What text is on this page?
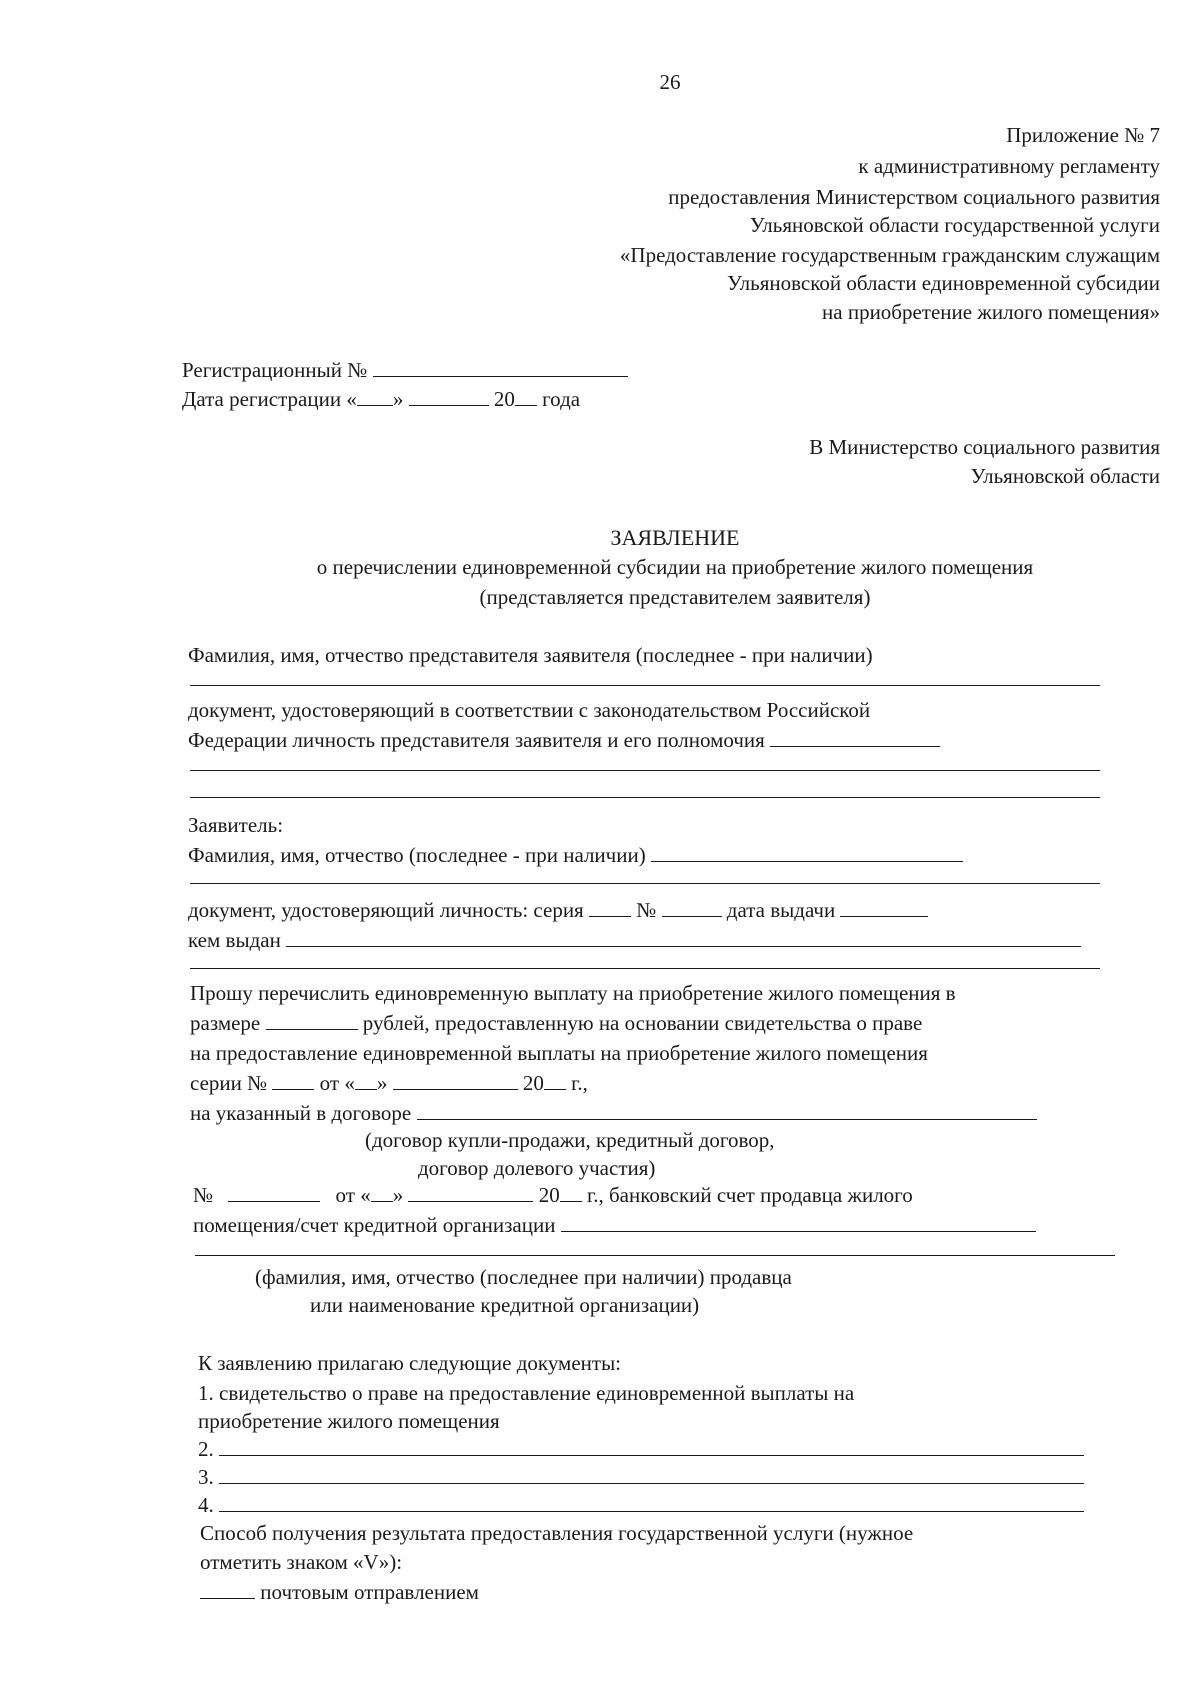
26
Приложение № 7
к административному регламенту
предоставления Министерством социального развития
Ульяновской области государственной услуги
«Предоставление государственным гражданским служащим
Ульяновской области единовременной субсидии
на приобретение жилого помещения»
Регистрационный №
Дата регистрации « »	20 года
В Министерство социального развития
Ульяновской области
ЗАЯВЛЕНИЕ
о перечислении единовременной субсидии на приобретение жилого помещения
(представляется представителем заявителя)
Фамилия, имя, отчество представителя заявителя (последнее - при наличии)
документ, удостоверяющий в соответствии с законодательством Российской
Федерации личность представителя заявителя и его полномочия
Заявитель:
Фамилия, имя, отчество (последнее - при наличии)
документ, удостоверяющий личность: серия	№	дата выдачи
кем выдан
Прошу перечислить единовременную выплату на приобретение жилого помещения в
размере	рублей, предоставленную на основании свидетельства о праве
на предоставление единовременной выплаты на приобретение жилого помещения
серии №	от « »	20 г.,
на указанный в договоре
(договор купли-продажи, кредитный договор,
договор долевого участия)
№	от « »	20 г., банковский счет продавца жилого
помещения/счет кредитной организации
(фамилия, имя, отчество (последнее при наличии) продавца
или наименование кредитной организации)
К заявлению прилагаю следующие документы:
1. свидетельство о праве на предоставление единовременной выплаты на
приобретение жилого помещения
2.
3.
4.
Способ получения результата предоставления государственной услуги (нужное
отметить знаком «V»):
почтовым отправлением
